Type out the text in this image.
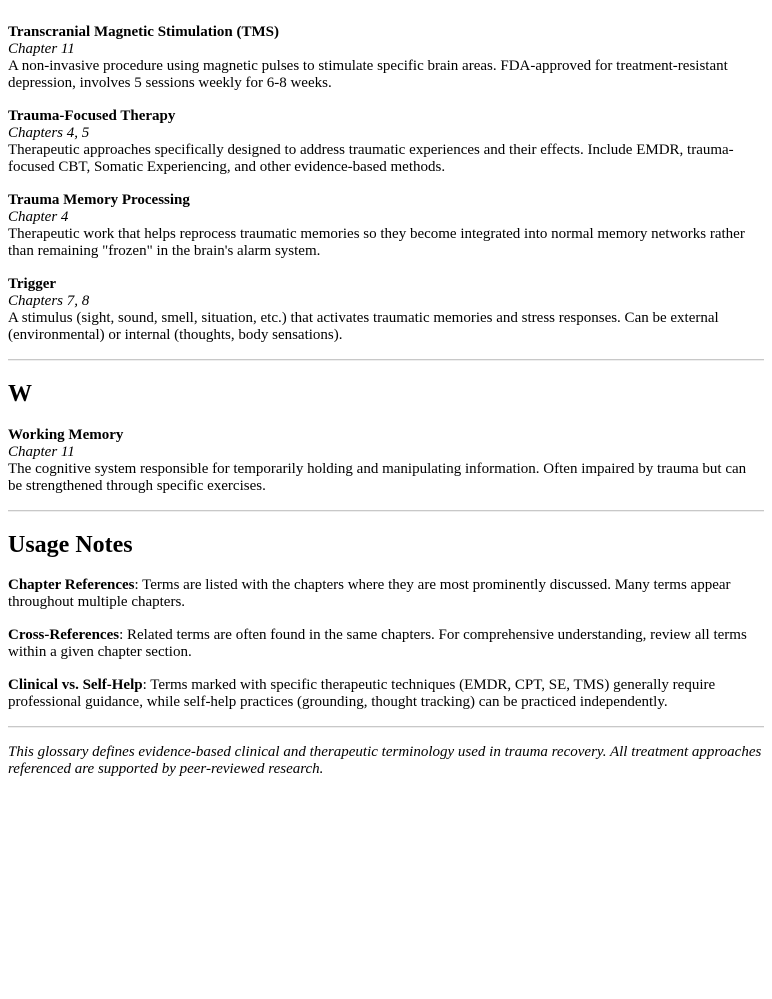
Transcranial Magnetic Stimulation (TMS)
Chapter 11
A non-invasive procedure using magnetic pulses to stimulate specific brain areas. FDA-approved for treatment-resistant depression, involves 5 sessions weekly for 6-8 weeks.
Trauma-Focused Therapy
Chapters 4, 5
Therapeutic approaches specifically designed to address traumatic experiences and their effects. Include EMDR, trauma-focused CBT, Somatic Experiencing, and other evidence-based methods.
Trauma Memory Processing
Chapter 4
Therapeutic work that helps reprocess traumatic memories so they become integrated into normal memory networks rather than remaining "frozen" in the brain's alarm system.
Trigger
Chapters 7, 8
A stimulus (sight, sound, smell, situation, etc.) that activates traumatic memories and stress responses. Can be external (environmental) or internal (thoughts, body sensations).
W
Working Memory
Chapter 11
The cognitive system responsible for temporarily holding and manipulating information. Often impaired by trauma but can be strengthened through specific exercises.
Usage Notes
Chapter References: Terms are listed with the chapters where they are most prominently discussed. Many terms appear throughout multiple chapters.
Cross-References: Related terms are often found in the same chapters. For comprehensive understanding, review all terms within a given chapter section.
Clinical vs. Self-Help: Terms marked with specific therapeutic techniques (EMDR, CPT, SE, TMS) generally require professional guidance, while self-help practices (grounding, thought tracking) can be practiced independently.
This glossary defines evidence-based clinical and therapeutic terminology used in trauma recovery. All treatment approaches referenced are supported by peer-reviewed research.
